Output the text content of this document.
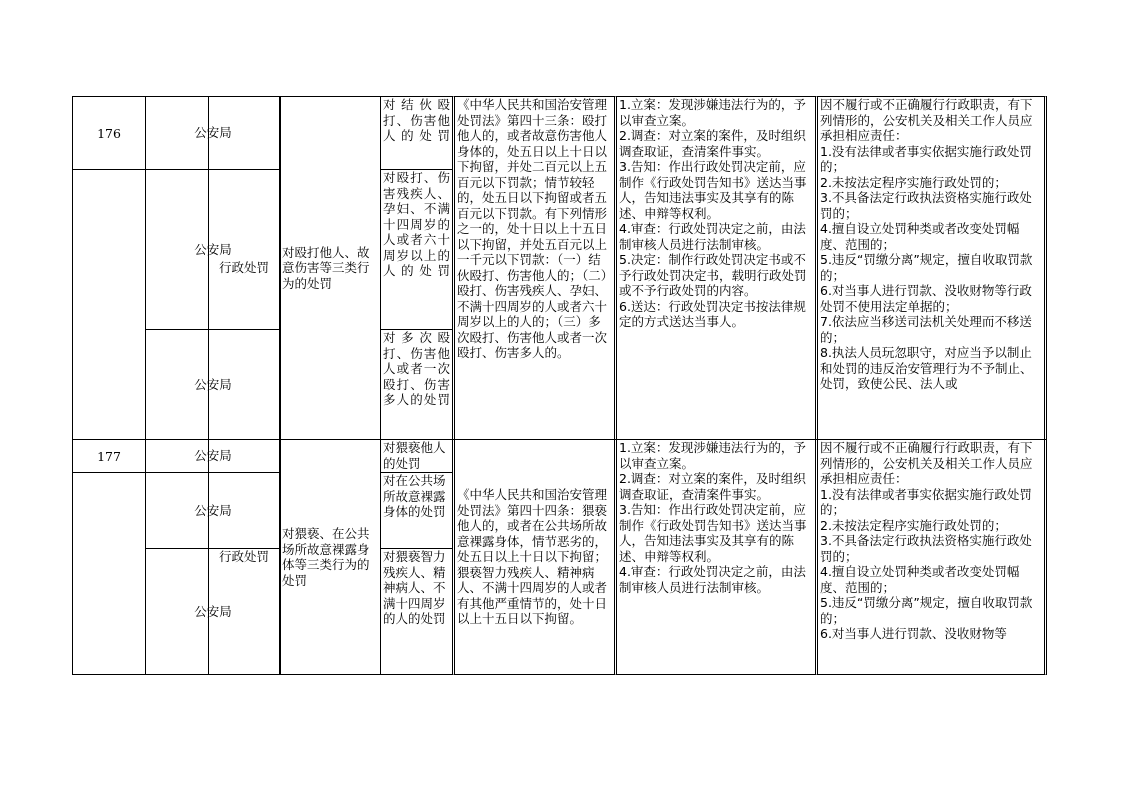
176	公安局
公安局
公安局
行政处罚
对殴打他人、故意伤害等三类行为的处罚
对结伙殴打、伤害他人的处罚
对殴打、伤害残疾人、孕妇、不满十四周岁的人或者六十周岁以上的人的处罚
对多次殴打、伤害他人或者一次殴打、伤害多人的处罚
《中华人民共和国治安管理处罚法》第四十三条：殴打他人的，或者故意伤害他人身体的，处五日以上十日以下拘留，并处二百元以上五百元以下罚款；情节较轻的，处五日以下拘留或者五百元以下罚款。有下列情形之一的，处十日以上十五日以下拘留，并处五百元以上一千元以下罚款：（一）结伙殴打、伤害他人的；（二）殴打、伤害残疾人、孕妇、不满十四周岁的人或者六十周岁以上的人的；（三）多次殴打、伤害他人或者一次殴打、伤害多人的。
1.立案：发现涉嫌违法行为的，予以审查立案。
2.调查：对立案的案件，及时组织调查取证，查清案件事实。
3.告知：作出行政处罚决定前，应制作《行政处罚告知书》送达当事人，告知违法事实及其享有的陈述、申辩等权利。
4.审查：行政处罚决定之前，由法制审核人员进行法制审核。
5.决定：制作行政处罚决定书或不予行政处罚决定书，载明行政处罚或不予行政处罚的内容。
6.送达：行政处罚决定书按法律规定的方式送达当事人。
因不履行或不正确履行行政职责，有下列情形的，公安机关及相关工作人员应承担相应责任：
1.没有法律或者事实依据实施行政处罚的；
2.未按法定程序实施行政处罚的；
3.不具备法定行政执法资格实施行政处罚的；
4.擅自设立处罚种类或者改变处罚幅度、范围的；
5.违反“罚缴分离”规定，擅自收取罚款的；
6.对当事人进行罚款、没收财物等行政处罚不使用法定单据的；
7.依法应当移送司法机关处理而不移送的；
8.执法人员玩忽职守，对应当予以制止和处罚的违反治安管理行为不予制止、处罚，致使公民、法人或
177	公安局
公安局
公安局
行政处罚
对猥亵、在公共场所故意裸露身体等三类行为的处罚
对猥亵他人的处罚
对在公共场所故意裸露身体的处罚
对猥亵智力残疾人、精神病人、不满十四周岁的人的处罚
《中华人民共和国治安管理处罚法》第四十四条：猥亵他人的，或者在公共场所故意裸露身体，情节恶劣的，处五日以上十日以下拘留；猥亵智力残疾人、精神病人、不满十四周岁的人或者有其他严重情节的，处十日以上十五日以下拘留。
1.立案：发现涉嫌违法行为的，予以审查立案。
2.调查：对立案的案件，及时组织调查取证，查清案件事实。
3.告知：作出行政处罚决定前，应制作《行政处罚告知书》送达当事人，告知违法事实及其享有的陈述、申辩等权利。
4.审查：行政处罚决定之前，由法制审核人员进行法制审核。
因不履行或不正确履行行政职责，有下列情形的，公安机关及相关工作人员应承担相应责任：
1.没有法律或者事实依据实施行政处罚的；
2.未按法定程序实施行政处罚的；
3.不具备法定行政执法资格实施行政处罚的；
4.擅自设立处罚种类或者改变处罚幅度、范围的；
5.违反“罚缴分离”规定，擅自收取罚款的；
6.对当事人进行罚款、没收财物等
